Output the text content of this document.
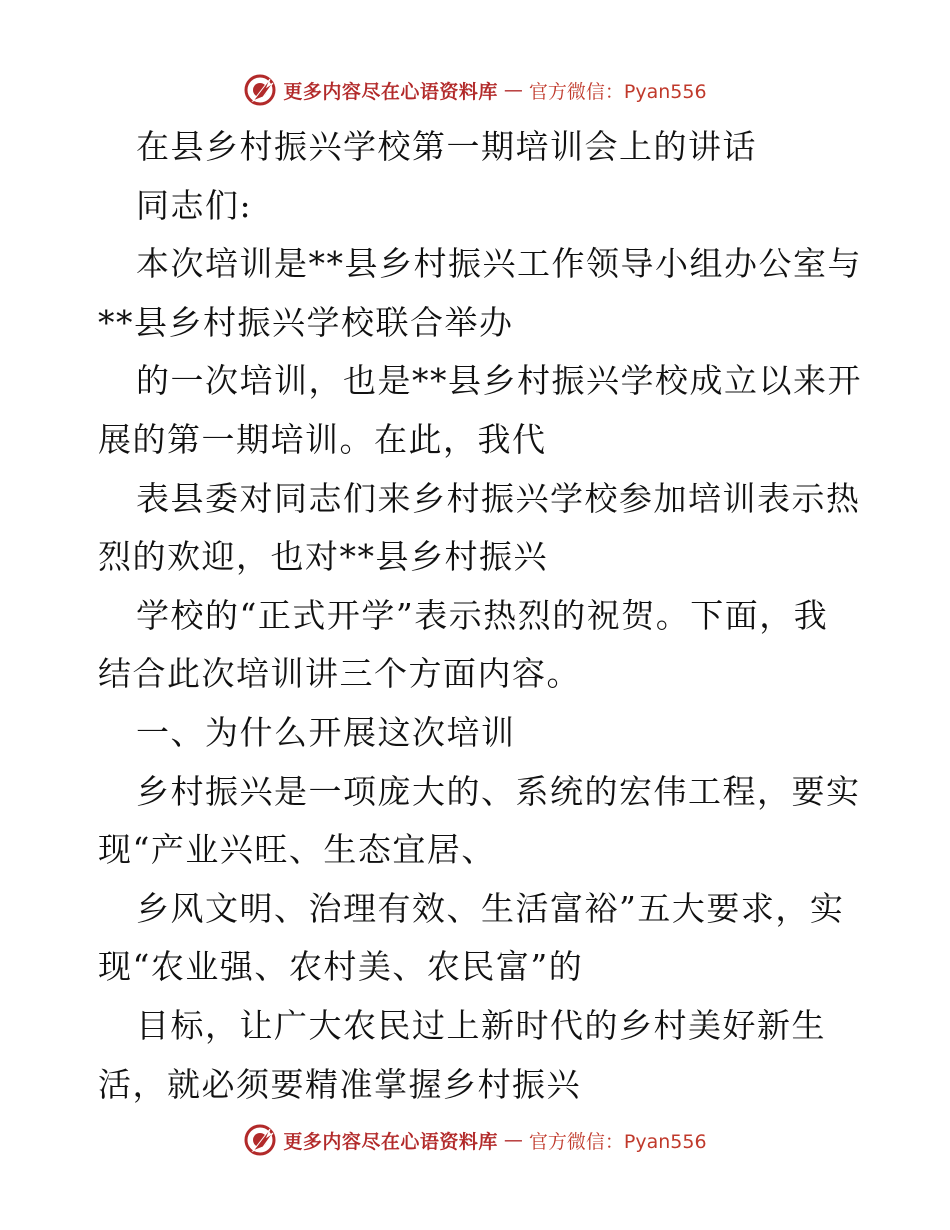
更多内容尽在心语资料库 — 官方微信：Pyan556
在县乡村振兴学校第一期培训会上的讲话
同志们:
本次培训是**县乡村振兴工作领导小组办公室与
**县乡村振兴学校联合举办
的一次培训，也是**县乡村振兴学校成立以来开
展的第一期培训。在此，我代
表县委对同志们来乡村振兴学校参加培训表示热
烈的欢迎，也对**县乡村振兴
学校的“正式开学”表示热烈的祝贺。下面，我
结合此次培训讲三个方面内容。
一、为什么开展这次培训
乡村振兴是一项庞大的、系统的宏伟工程，要实
现“产业兴旺、生态宜居、
乡风文明、治理有效、生活富裕”五大要求，实
现“农业强、农村美、农民富”的
目标，让广大农民过上新时代的乡村美好新生
活，就必须要精准掌握乡村振兴
更多内容尽在心语资料库 — 官方微信：Pyan556
